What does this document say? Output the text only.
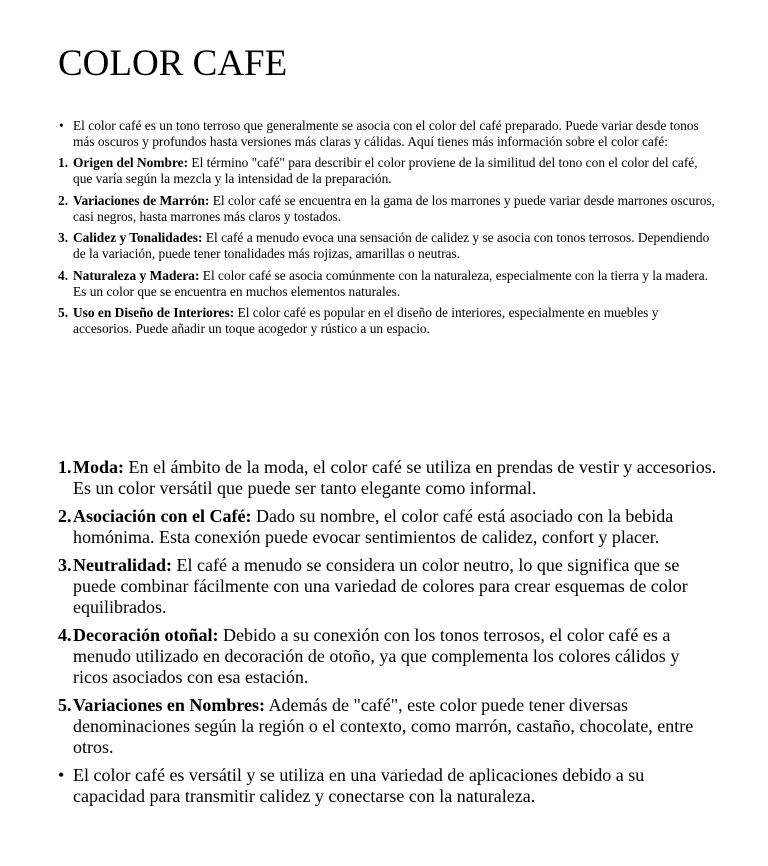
COLOR CAFE
• El color café es un tono terroso que generalmente se asocia con el color del café preparado. Puede variar desde tonos más oscuros y profundos hasta versiones más claras y cálidas. Aquí tienes más información sobre el color café:
1. Origen del Nombre: El término "café" para describir el color proviene de la similitud del tono con el color del café, que varía según la mezcla y la intensidad de la preparación.
2. Variaciones de Marrón: El color café se encuentra en la gama de los marrones y puede variar desde marrones oscuros, casi negros, hasta marrones más claros y tostados.
3. Calidez y Tonalidades: El café a menudo evoca una sensación de calidez y se asocia con tonos terrosos. Dependiendo de la variación, puede tener tonalidades más rojizas, amarillas o neutras.
4. Naturaleza y Madera: El color café se asocia comúnmente con la naturaleza, especialmente con la tierra y la madera. Es un color que se encuentra en muchos elementos naturales.
5. Uso en Diseño de Interiores: El color café es popular en el diseño de interiores, especialmente en muebles y accesorios. Puede añadir un toque acogedor y rústico a un espacio.
1. Moda: En el ámbito de la moda, el color café se utiliza en prendas de vestir y accesorios. Es un color versátil que puede ser tanto elegante como informal.
2. Asociación con el Café: Dado su nombre, el color café está asociado con la bebida homónima. Esta conexión puede evocar sentimientos de calidez, confort y placer.
3. Neutralidad: El café a menudo se considera un color neutro, lo que significa que se puede combinar fácilmente con una variedad de colores para crear esquemas de color equilibrados.
4. Decoración otoñal: Debido a su conexión con los tonos terrosos, el color café es a menudo utilizado en decoración de otoño, ya que complementa los colores cálidos y ricos asociados con esa estación.
5. Variaciones en Nombres: Además de "café", este color puede tener diversas denominaciones según la región o el contexto, como marrón, castaño, chocolate, entre otros.
• El color café es versátil y se utiliza en una variedad de aplicaciones debido a su capacidad para transmitir calidez y conectarse con la naturaleza.
